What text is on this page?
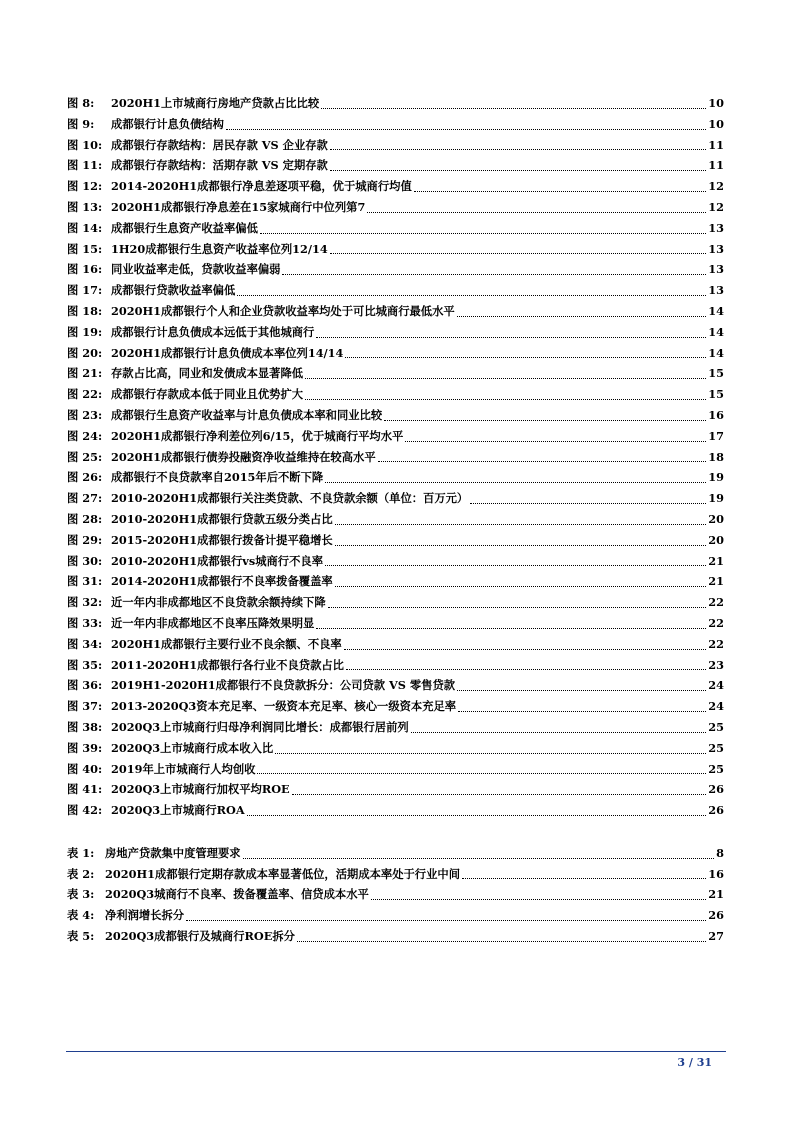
图 8:	2020H1上市城商行房地产贷款占比比较	10
图 9:	成都银行计息负债结构	10
图 10: 成都银行存款结构：居民存款 VS 企业存款	11
图 11: 成都银行存款结构：活期存款 VS 定期存款	11
图 12: 2014-2020H1成都银行净息差逐项平稳，优于城商行均值	12
图 13: 2020H1成都银行净息差在15家城商行中位列第7	12
图 14: 成都银行生息资产收益率偏低	13
图 15: 1H20成都银行生息资产收益率位列12/14	13
图 16: 同业收益率走低，贷款收益率偏弱	13
图 17: 成都银行贷款收益率偏低	13
图 18: 2020H1成都银行个人和企业贷款收益率均处于可比城商行最低水平	14
图 19: 成都银行计息负债成本远低于其他城商行	14
图 20: 2020H1成都银行计息负债成本率位列14/14	14
图 21: 存款占比高，同业和发债成本显著降低	15
图 22: 成都银行存款成本低于同业且优势扩大	15
图 23: 成都银行生息资产收益率与计息负债成本率和同业比较	16
图 24: 2020H1成都银行净利差位列6/15，优于城商行平均水平	17
图 25: 2020H1成都银行债券投融资净收益维持在较高水平	18
图 26: 成都银行不良贷款率自2015年后不断下降	19
图 27: 2010-2020H1成都银行关注类贷款、不良贷款余额（单位：百万元）	19
图 28: 2010-2020H1成都银行贷款五级分类占比	20
图 29: 2015-2020H1成都银行拨备计提平稳增长	20
图 30: 2010-2020H1成都银行vs城商行不良率	21
图 31: 2014-2020H1成都银行不良率拨备覆盖率	21
图 32: 近一年内非成都地区不良贷款余额持续下降	22
图 33: 近一年内非成都地区不良率压降效果明显	22
图 34: 2020H1成都银行主要行业不良余额、不良率	22
图 35: 2011-2020H1成都银行各行业不良贷款占比	23
图 36: 2019H1-2020H1成都银行不良贷款拆分：公司贷款 VS 零售贷款	24
图 37: 2013-2020Q3资本充足率、一级资本充足率、核心一级资本充足率	24
图 38: 2020Q3上市城商行归母净利润同比增长：成都银行居前列	25
图 39: 2020Q3上市城商行成本收入比	25
图 40: 2019年上市城商行人均创收	25
图 41: 2020Q3上市城商行加权平均ROE	26
图 42: 2020Q3上市城商行ROA	26
表 1: 房地产贷款集中度管理要求	8
表 2: 2020H1成都银行定期存款成本率显著低位，活期成本率处于行业中间	16
表 3: 2020Q3城商行不良率、拨备覆盖率、信贷成本水平	21
表 4: 净利润增长拆分	26
表 5: 2020Q3成都银行及城商行ROE拆分	27
3 / 31
